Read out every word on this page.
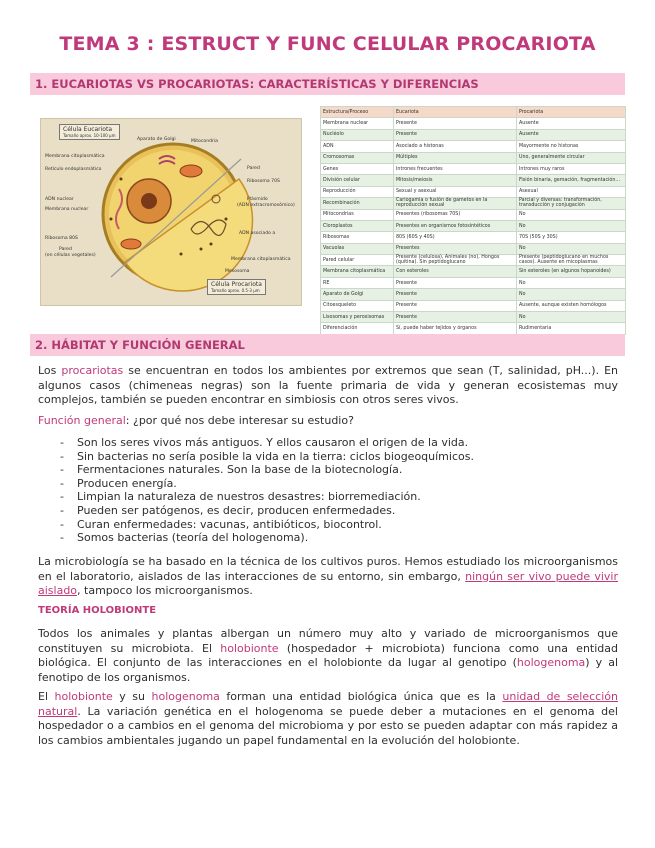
TEMA 3 : ESTRUCT Y FUNC CELULAR PROCARIOTA
1. EUCARIOTAS VS PROCARIOTAS: CARACTERÍSTICAS Y DIFERENCIAS
Célula Eucariota
Tamaño aprox. 10-100 µm
Célula Procariota
Tamaño aprox. 0.5-3 µm
Aparato de Golgi	Mitocondria
Membrana citoplasmática
Retículo endoplasmático	Pared
Ribosoma 70S
ADN nuclear
Membrana nuclear
Plásmido
(ADN extracromosómico)
Ribosoma 80S
Pared
(en células vegetales)
ADN asociado a
Membrana citoplasmática
Mesosoma
Estructura/Proceso	Eucariota	Procariota
Membrana nuclear	Presente	Ausente
Nucléolo	Presente	Ausente
ADN	Asociado a histonas	Mayormente no histonas
Cromosomas	Múltiples	Uno, generalmente circular
Genes	Intrones frecuentes	Intrones muy raros
División celular	Mitosis/meiosis	Fisión binaria, gemación, fragmentación...
Reproducción	Sexual y asexual	Asexual
Recombinación	Cariogamia o fusión de gametos en la reproducción sexual	Parcial y diversas: transformación, transducción y conjugación
Mitocondrias	Presentes (ribosomas 70S)	No
Cloroplastos	Presentes en organismos fotosintéticos	No
Ribosomas	80S (60S y 40S)	70S (50S y 30S)
Vacuolas	Presentes	No
Pared celular	Presente (celulosa), Animales (no), Hongos (quitina). Sin peptidoglucano	Presente (peptidoglucano en muchos casos). Ausente en micoplasmas
Membrana citoplasmática	Con esteroles	Sin esteroles (en algunos hopanoides)
RE	Presente	No
Aparato de Golgi	Presente	No
Citoesqueleto	Presente	Ausente, aunque existen homólogos
Lisosomas y peroxisomas	Presente	No
Diferenciación	Sí, puede haber tejidos y órganos	Rudimentaria
2. HÁBITAT Y FUNCIÓN GENERAL
Los procariotas se encuentran en todos los ambientes por extremos que sean (T, salinidad, pH...). En algunos casos (chimeneas negras) son la fuente primaria de vida y generan ecosistemas muy complejos, también se pueden encontrar en simbiosis con otros seres vivos.
Función general: ¿por qué nos debe interesar su estudio?
- Son los seres vivos más antiguos. Y ellos causaron el origen de la vida.
- Sin bacterias no sería posible la vida en la tierra: ciclos biogeoquímicos.
- Fermentaciones naturales. Son la base de la biotecnología.
- Producen energía.
- Limpian la naturaleza de nuestros desastres: biorremediación.
- Pueden ser patógenos, es decir, producen enfermedades.
- Curan enfermedades: vacunas, antibióticos, biocontrol.
- Somos bacterias (teoría del hologenoma).
La microbiología se ha basado en la técnica de los cultivos puros. Hemos estudiado los microorganismos en el laboratorio, aislados de las interacciones de su entorno, sin embargo, ningún ser vivo puede vivir aislado, tampoco los microorganismos.
TEORÍA HOLOBIONTE
Todos los animales y plantas albergan un número muy alto y variado de microorganismos que constituyen su microbiota. El holobionte (hospedador + microbiota) funciona como una entidad biológica. El conjunto de las interacciones en el holobionte da lugar al genotipo (hologenoma) y al fenotipo de los organismos.
El holobionte y su hologenoma forman una entidad biológica única que es la unidad de selección natural. La variación genética en el hologenoma se puede deber a mutaciones en el genoma del hospedador o a cambios en el genoma del microbioma y por esto se pueden adaptar con más rapidez a los cambios ambientales jugando un papel fundamental en la evolución del holobionte.
